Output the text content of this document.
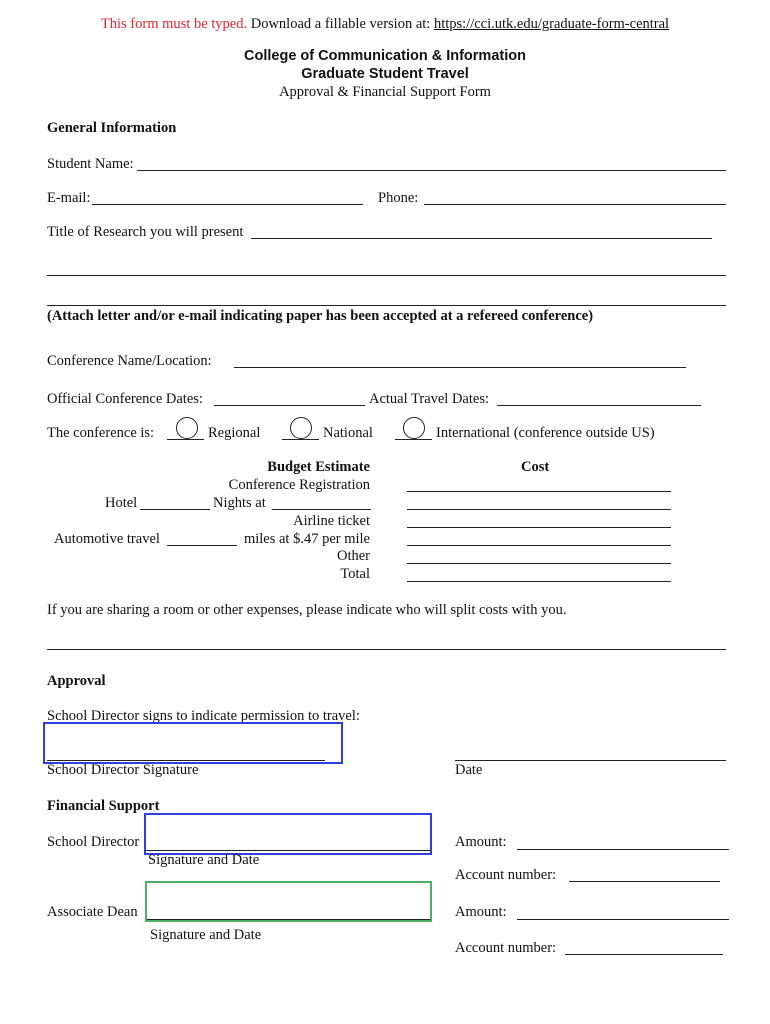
This form must be typed. Download a fillable version at: https://cci.utk.edu/graduate-form-central
College of Communication & Information
Graduate Student Travel
Approval & Financial Support Form
General Information
Student Name:
E-mail:	Phone:
Title of Research you will present
(Attach letter and/or e-mail indicating paper has been accepted at a refereed conference)
Conference Name/Location:
Official Conference Dates:	Actual Travel Dates:
The conference is:	Regional	National	International (conference outside US)
Budget Estimate	Cost
Conference Registration
Hotel	Nights at
Airline ticket
Automotive travel	miles at $.47 per mile
Other
Total
If you are sharing a room or other expenses, please indicate who will split costs with you.
Approval
School Director signs to indicate permission to travel:
School Director Signature	Date
Financial Support
School Director
Signature and Date
Amount:
Account number:
Associate Dean
Signature and Date
Amount:
Account number:
